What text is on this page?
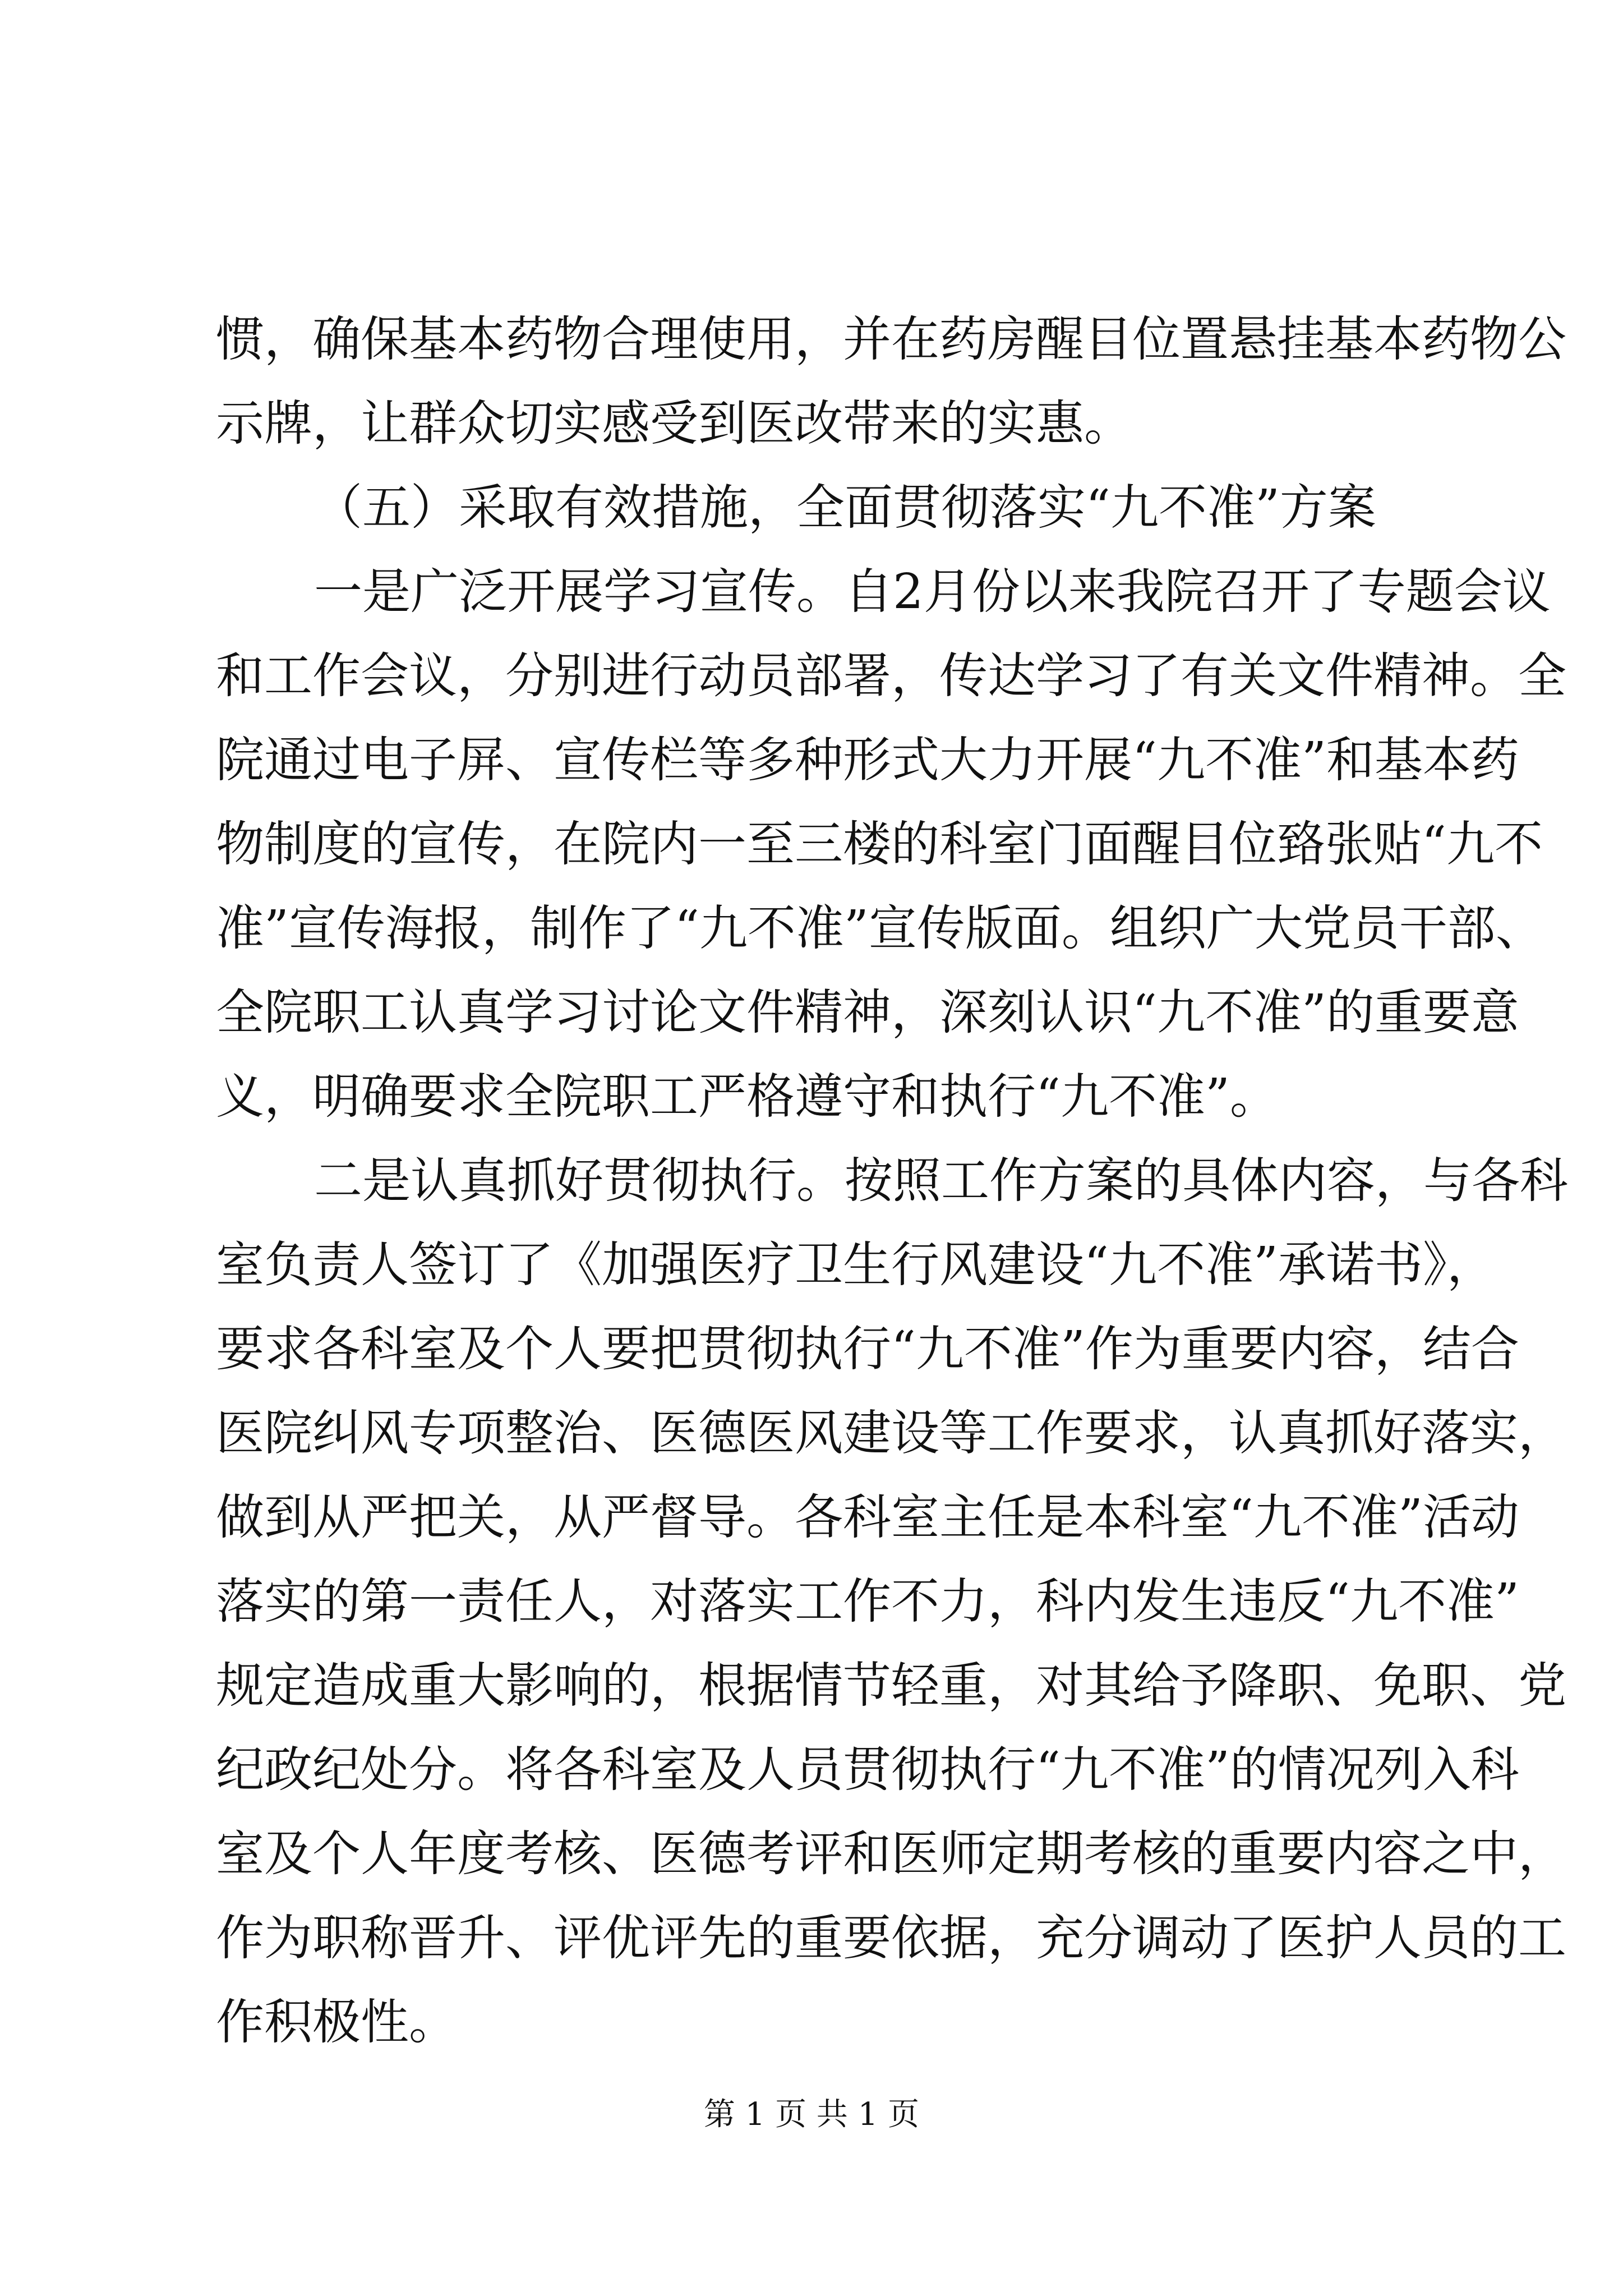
惯，确保基本药物合理使用，并在药房醒目位置悬挂基本药物公
示牌，让群众切实感受到医改带来的实惠。
（五）采取有效措施，全面贯彻落实“九不准”方案
一是广泛开展学习宣传。自2月份以来我院召开了专题会议
和工作会议，分别进行动员部署，传达学习了有关文件精神。全
院通过电子屏、宣传栏等多种形式大力开展“九不准”和基本药
物制度的宣传，在院内一至三楼的科室门面醒目位臵张贴“九不
准”宣传海报，制作了“九不准”宣传版面。组织广大党员干部、
全院职工认真学习讨论文件精神，深刻认识“九不准”的重要意
义，明确要求全院职工严格遵守和执行“九不准”。
二是认真抓好贯彻执行。按照工作方案的具体内容，与各科
室负责人签订了《加强医疗卫生行风建设“九不准”承诺书》，
要求各科室及个人要把贯彻执行“九不准”作为重要内容，结合
医院纠风专项整治、医德医风建设等工作要求，认真抓好落实，
做到从严把关，从严督导。各科室主任是本科室“九不准”活动
落实的第一责任人，对落实工作不力，科内发生违反“九不准”
规定造成重大影响的，根据情节轻重，对其给予降职、免职、党
纪政纪处分。将各科室及人员贯彻执行“九不准”的情况列入科
室及个人年度考核、医德考评和医师定期考核的重要内容之中，
作为职称晋升、评优评先的重要依据，充分调动了医护人员的工
作积极性。
第 1 页 共 1 页
